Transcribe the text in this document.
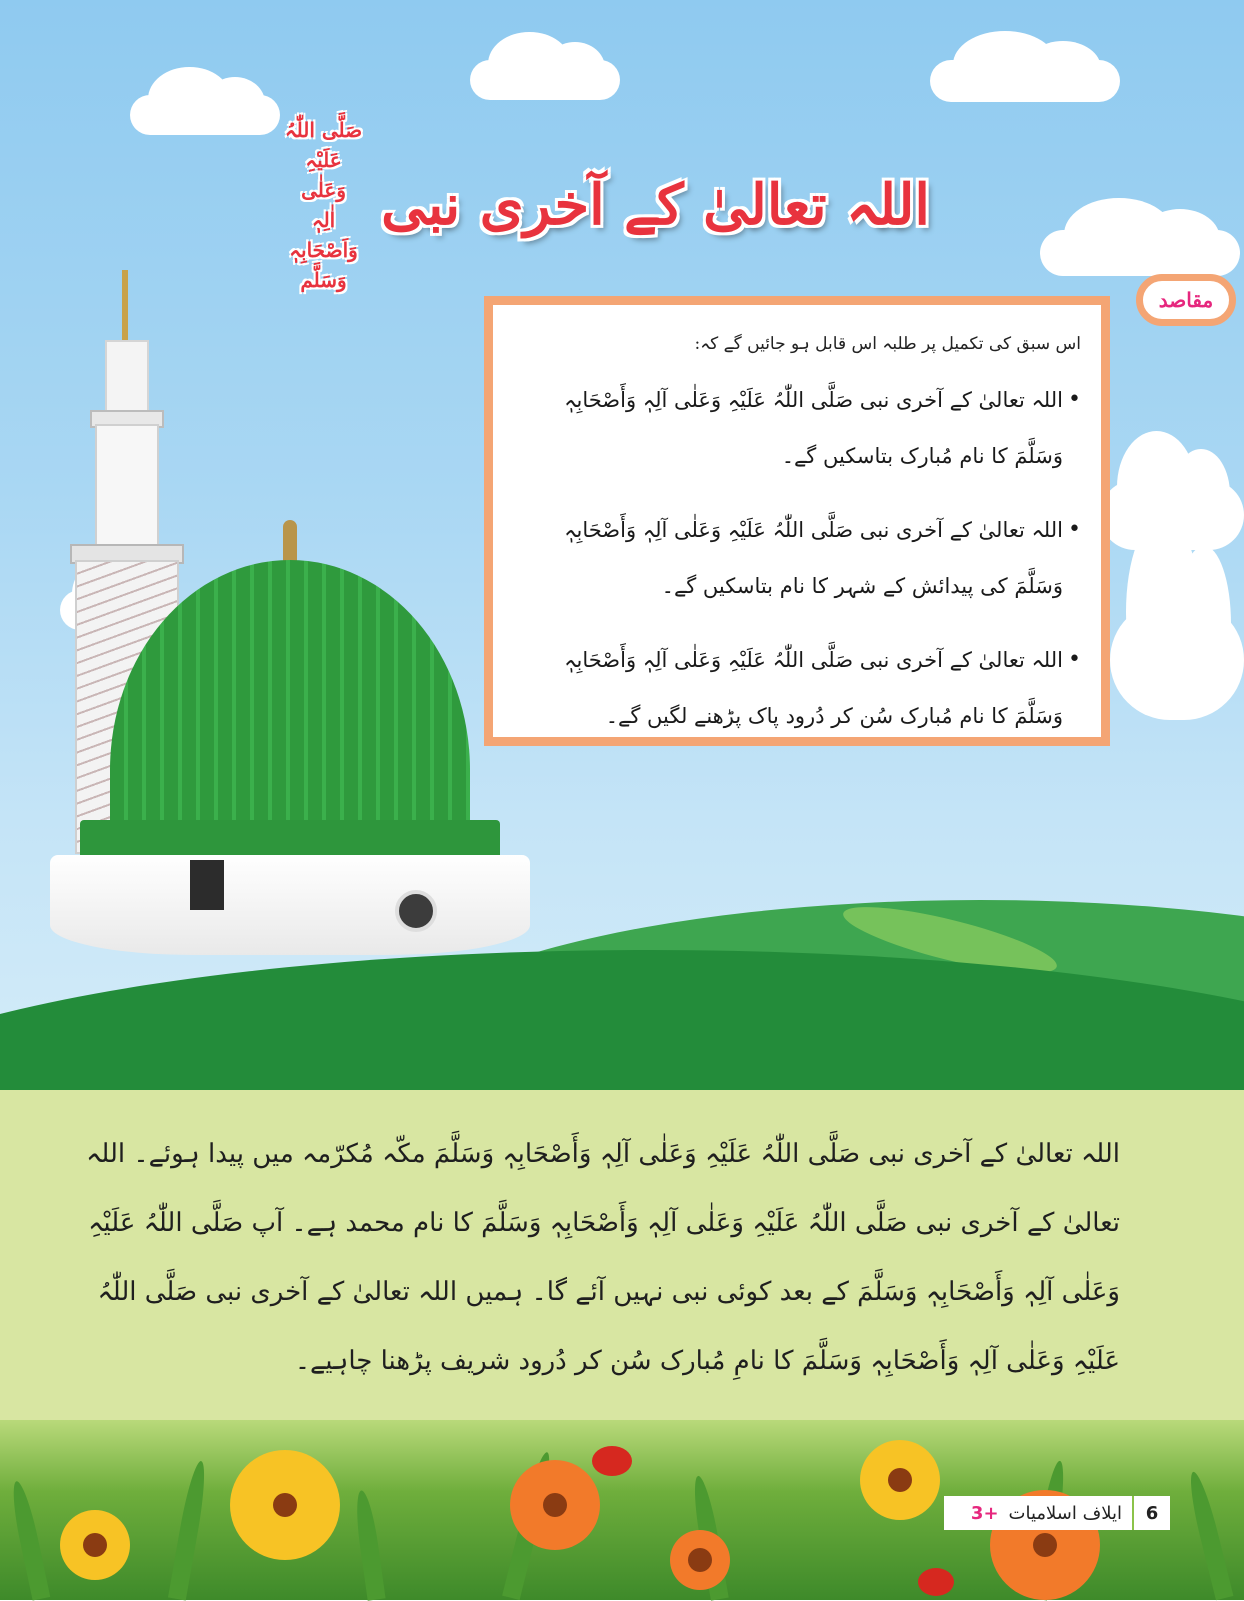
اللہ تعالیٰ کے آخری نبی
صَلَّی اللّٰہُ عَلَیْہِ وَعَلٰی
اٰلِہٖ وَاَصْحَابِہٖ وَسَلَّم
اس سبق کی تکمیل پر طلبہ اس قابل ہو جائیں گے کہ:
•
اللہ تعالیٰ کے آخری نبی صَلَّی اللّٰہُ عَلَیْہِ وَعَلٰی آلِہٖ وَأَصْحَابِہٖ وَسَلَّمَ کا نام مُبارک بتاسکیں گے۔
•
اللہ تعالیٰ کے آخری نبی صَلَّی اللّٰہُ عَلَیْہِ وَعَلٰی آلِہٖ وَأَصْحَابِہٖ وَسَلَّمَ کی پیدائش کے شہر کا نام بتاسکیں گے۔
•
اللہ تعالیٰ کے آخری نبی صَلَّی اللّٰہُ عَلَیْہِ وَعَلٰی آلِہٖ وَأَصْحَابِہٖ وَسَلَّمَ کا نام مُبارک سُن کر دُرود پاک پڑھنے لگیں گے۔
مقاصد

اللہ تعالیٰ کے آخری نبی صَلَّی اللّٰہُ عَلَیْہِ وَعَلٰی آلِہٖ وَأَصْحَابِہٖ وَسَلَّمَ مکّہ مُکرّمہ میں پیدا ہوئے۔ اللہ تعالیٰ کے آخری نبی صَلَّی اللّٰہُ عَلَیْہِ وَعَلٰی آلِہٖ وَأَصْحَابِہٖ وَسَلَّمَ کا نام محمد ہے۔ آپ صَلَّی اللّٰہُ عَلَیْہِ وَعَلٰی آلِہٖ وَأَصْحَابِہٖ وَسَلَّمَ کے بعد کوئی نبی نہیں آئے گا۔ ہمیں اللہ تعالیٰ کے آخری نبی صَلَّی اللّٰہُ عَلَیْہِ وَعَلٰی آلِہٖ وَأَصْحَابِہٖ وَسَلَّمَ کا نامِ مُبارک سُن کر دُرود شریف پڑھنا چاہیے۔

6
ایلاف اسلامیات
3+
